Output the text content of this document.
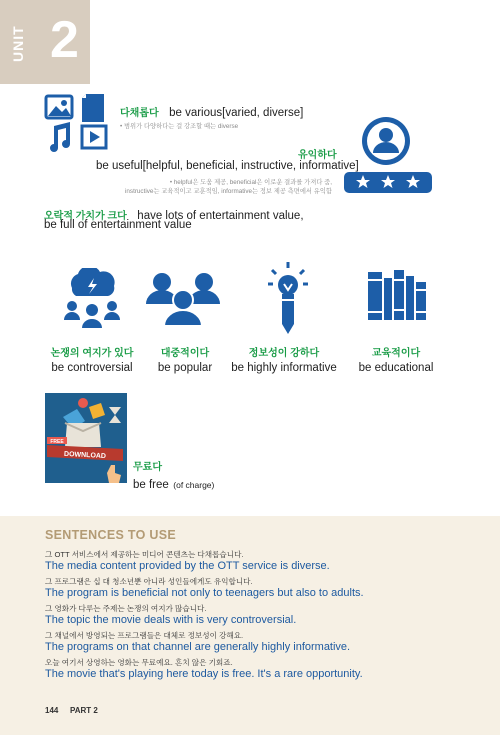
UNIT 2
다채롭다 be various[varied, diverse]
• 범위가 다양하다는 걸 강조할 때는 diverse
유익하다
be useful[helpful, beneficial, instructive, informative]
• helpful은 도움 제공, beneficial은 이로운 결과를 가져다 줌,
instructive는 교육적이고 교훈적임, informative는 정보 제공 측면에서 유익함
오락적 가치가 크다 have lots of entertainment value,
be full of entertainment value
논쟁의 여지가 있다
be controversial
대중적이다
be popular
정보성이 강하다
be highly informative
교육적이다
be educational
DOWNLOAD
FREE
무료다
be free (of charge)
SENTENCES TO USE
그 OTT 서비스에서 제공하는 미디어 콘텐츠는 다채롭습니다.
The media content provided by the OTT service is diverse.
그 프로그램은 십 대 청소년뿐 아니라 성인들에게도 유익합니다.
The program is beneficial not only to teenagers but also to adults.
그 영화가 다루는 주제는 논쟁의 여지가 많습니다.
The topic the movie deals with is very controversial.
그 채널에서 방영되는 프로그램들은 대체로 정보성이 강해요.
The programs on that channel are generally highly informative.
오늘 여기서 상영하는 영화는 무료예요. 흔치 않은 기회죠.
The movie that's playing here today is free. It's a rare opportunity.
144 PART 2
